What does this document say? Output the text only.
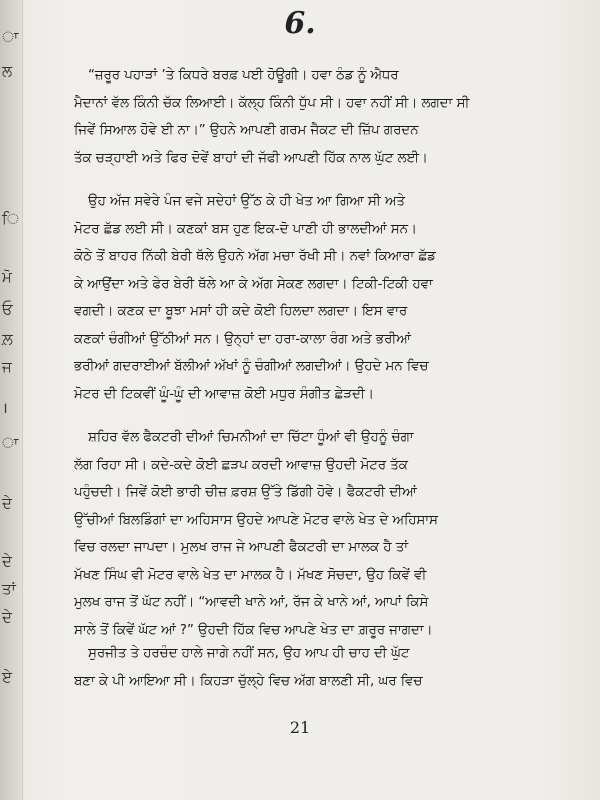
ਾ
ਲ
ਿ
ਮੋ
ਓ
ਲ਼
ਜ
।
ਾ
ਦੇ
ਦੇ
ਤਾਂ
ਦੇ
ਏ
6.
“ਜ਼ਰੂਰ ਪਹਾੜਾਂ ’ਤੇ ਕਿਧਰੇ ਬਰਫ਼ ਪਈ ਹੋਊਗੀ। ਹਵਾ ਠੰਡ ਨੂੰ ਐਧਰ
ਮੈਦਾਨਾਂ ਵੱਲ ਕਿੰਨੀ ਚੱਕ ਲਿਆਈ। ਕੱਲ੍ਹ ਕਿੰਨੀ ਧੁੱਪ ਸੀ। ਹਵਾ ਨਹੀਂ ਸੀ। ਲਗਦਾ ਸੀ
ਜਿਵੇਂ ਸਿਆਲ ਹੋਵੇ ਈ ਨਾ।” ਉਹਨੇ ਆਪਣੀ ਗਰਮ ਜੈਕਟ ਦੀ ਜ਼ਿੱਪ ਗਰਦਨ
ਤੱਕ ਚੜ੍ਹਾਈ ਅਤੇ ਫਿਰ ਦੋਵੇਂ ਬਾਹਾਂ ਦੀ ਜੱਫੀ ਆਪਣੀ ਹਿੱਕ ਨਾਲ ਘੁੱਟ ਲਈ।
ਉਹ ਅੱਜ ਸਵੇਰੇ ਪੰਜ ਵਜੇ ਸਦੇਹਾਂ ਉੱਠ ਕੇ ਹੀ ਖੇਤ ਆ ਗਿਆ ਸੀ ਅਤੇ
ਮੋਟਰ ਛੱਡ ਲਈ ਸੀ। ਕਣਕਾਂ ਬਸ ਹੁਣ ਇਕ-ਦੋ ਪਾਣੀ ਹੀ ਭਾਲਦੀਆਂ ਸਨ।
ਕੋਠੇ ਤੋਂ ਬਾਹਰ ਨਿੱਕੀ ਬੇਰੀ ਥੱਲੇ ਉਹਨੇ ਅੱਗ ਮਚਾ ਰੱਖੀ ਸੀ। ਨਵਾਂ ਕਿਆਰਾ ਛੱਡ
ਕੇ ਆਉਂਦਾ ਅਤੇ ਫੇਰ ਬੇਰੀ ਥੱਲੇ ਆ ਕੇ ਅੱਗ ਸੇਕਣ ਲਗਦਾ। ਟਿਕੀ-ਟਿਕੀ ਹਵਾ
ਵਗਦੀ। ਕਣਕ ਦਾ ਬੂਝਾ ਮਸਾਂ ਹੀ ਕਦੇ ਕੋਈ ਹਿਲਦਾ ਲਗਦਾ। ਇਸ ਵਾਰ
ਕਣਕਾਂ ਚੰਗੀਆਂ ਉੱਠੀਆਂ ਸਨ। ਉਨ੍ਹਾਂ ਦਾ ਹਰਾ-ਕਾਲਾ ਰੰਗ ਅਤੇ ਭਰੀਆਂ
ਭਰੀਆਂ ਗਦਰਾਈਆਂ ਬੱਲੀਆਂ ਅੱਖਾਂ ਨੂੰ ਚੰਗੀਆਂ ਲਗਦੀਆਂ। ਉਹਦੇ ਮਨ ਵਿਚ
ਮੋਟਰ ਦੀ ਟਿਕਵੀਂ ਘੂੰ-ਘੂੰ ਦੀ ਆਵਾਜ਼ ਕੋਈ ਮਧੁਰ ਸੰਗੀਤ ਛੇੜਦੀ।
ਸ਼ਹਿਰ ਵੱਲ ਫੈਕਟਰੀ ਦੀਆਂ ਚਿਮਨੀਆਂ ਦਾ ਚਿੱਟਾ ਧੂੰਆਂ ਵੀ ਉਹਨੂੰ ਚੰਗਾ
ਲੱਗ ਰਿਹਾ ਸੀ। ਕਦੇ-ਕਦੇ ਕੋਈ ਛੜਪ ਕਰਦੀ ਆਵਾਜ਼ ਉਹਦੀ ਮੋਟਰ ਤੱਕ
ਪਹੁੰਚਦੀ। ਜਿਵੇਂ ਕੋਈ ਭਾਰੀ ਚੀਜ਼ ਫ਼ਰਸ਼ ਉੱਤੇ ਡਿੱਗੀ ਹੋਵੇ। ਫੈਕਟਰੀ ਦੀਆਂ
ਉੱਚੀਆਂ ਬਿਲਡਿੰਗਾਂ ਦਾ ਅਹਿਸਾਸ ਉਹਦੇ ਆਪਣੇ ਮੋਟਰ ਵਾਲੇ ਖੇਤ ਦੇ ਅਹਿਸਾਸ
ਵਿਚ ਰਲਦਾ ਜਾਪਦਾ। ਮੁਲਖ ਰਾਜ ਜੇ ਆਪਣੀ ਫੈਕਟਰੀ ਦਾ ਮਾਲਕ ਹੈ ਤਾਂ
ਮੱਖਣ ਸਿੰਘ ਵੀ ਮੋਟਰ ਵਾਲੇ ਖੇਤ ਦਾ ਮਾਲਕ ਹੈ। ਮੱਖਣ ਸੋਚਦਾ, ਉਹ ਕਿਵੇਂ ਵੀ
ਮੁਲਖ ਰਾਜ ਤੋਂ ਘੱਟ ਨਹੀਂ। “ਆਵਦੀ ਖਾਨੇ ਆਂ, ਰੱਜ ਕੇ ਖਾਨੇ ਆਂ, ਆਪਾਂ ਕਿਸੇ
ਸਾਲੇ ਤੋਂ ਕਿਵੇਂ ਘੱਟ ਆਂ ?” ਉਹਦੀ ਹਿੱਕ ਵਿਚ ਆਪਣੇ ਖੇਤ ਦਾ ਗ਼ਰੂਰ ਜਾਗਦਾ।
ਸੁਰਜੀਤ ਤੇ ਹਰਚੰਦ ਹਾਲੇ ਜਾਗੇ ਨਹੀਂ ਸਨ, ਉਹ ਆਪ ਹੀ ਚਾਹ ਦੀ ਘੁੱਟ
ਬਣਾ ਕੇ ਪੀ ਆਇਆ ਸੀ। ਕਿਹੜਾ ਚੁੱਲ੍ਹੇ ਵਿਚ ਅੱਗ ਬਾਲਣੀ ਸੀ, ਘਰ ਵਿਚ
21
